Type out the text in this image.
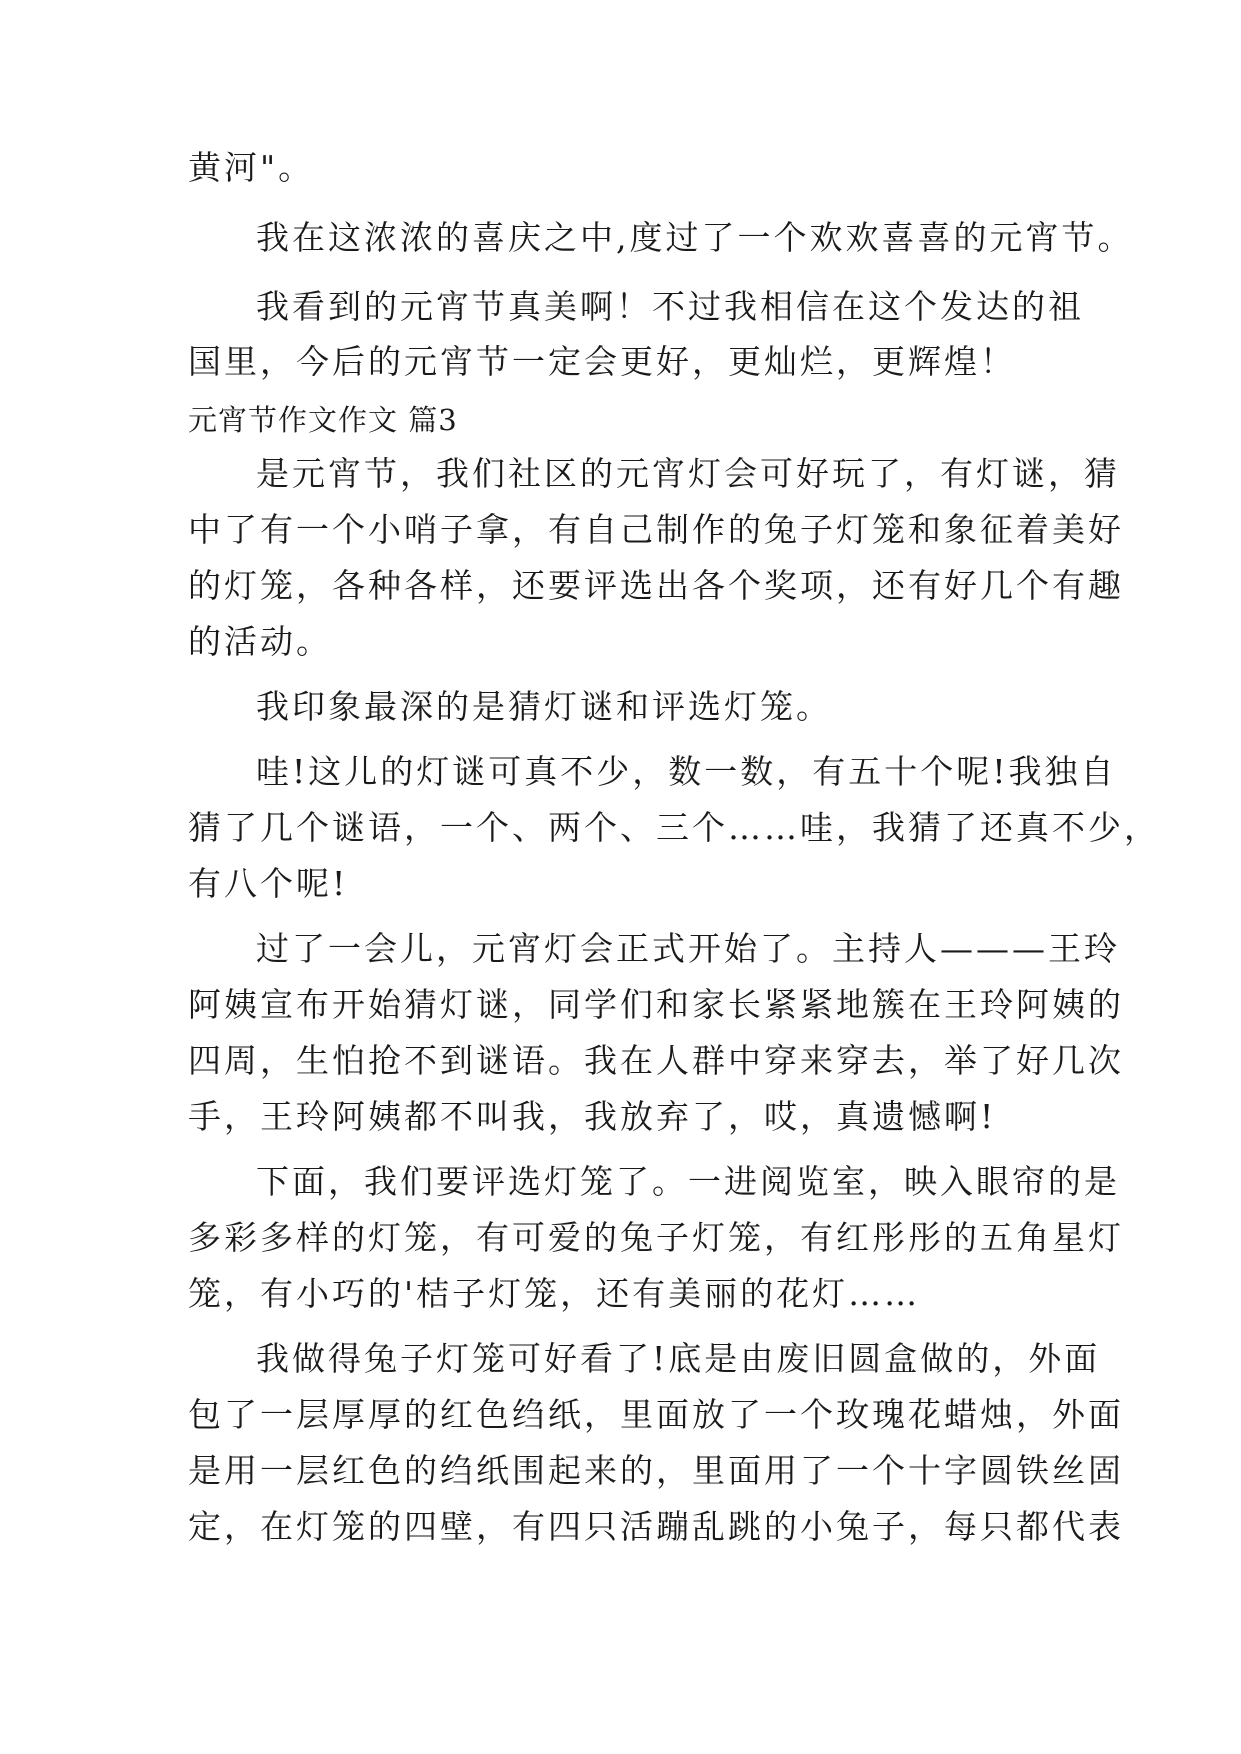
黄河"。
我在这浓浓的喜庆之中,度过了一个欢欢喜喜的元宵节。
我看到的元宵节真美啊！不过我相信在这个发达的祖
国里，今后的元宵节一定会更好，更灿烂，更辉煌！
元宵节作文作文 篇3
是元宵节，我们社区的元宵灯会可好玩了，有灯谜，猜
中了有一个小哨子拿，有自己制作的兔子灯笼和象征着美好
的灯笼，各种各样，还要评选出各个奖项，还有好几个有趣
的活动。
我印象最深的是猜灯谜和评选灯笼。
哇!这儿的灯谜可真不少，数一数，有五十个呢!我独自
猜了几个谜语，一个、两个、三个……哇，我猜了还真不少，
有八个呢!
过了一会儿，元宵灯会正式开始了。主持人———王玲
阿姨宣布开始猜灯谜，同学们和家长紧紧地簇在王玲阿姨的
四周，生怕抢不到谜语。我在人群中穿来穿去，举了好几次
手，王玲阿姨都不叫我，我放弃了，哎，真遗憾啊!
下面，我们要评选灯笼了。一进阅览室，映入眼帘的是
多彩多样的灯笼，有可爱的兔子灯笼，有红彤彤的五角星灯
笼，有小巧的'桔子灯笼，还有美丽的花灯……
我做得兔子灯笼可好看了!底是由废旧圆盒做的，外面
包了一层厚厚的红色绉纸，里面放了一个玫瑰花蜡烛，外面
是用一层红色的绉纸围起来的，里面用了一个十字圆铁丝固
定，在灯笼的四壁，有四只活蹦乱跳的小兔子，每只都代表
